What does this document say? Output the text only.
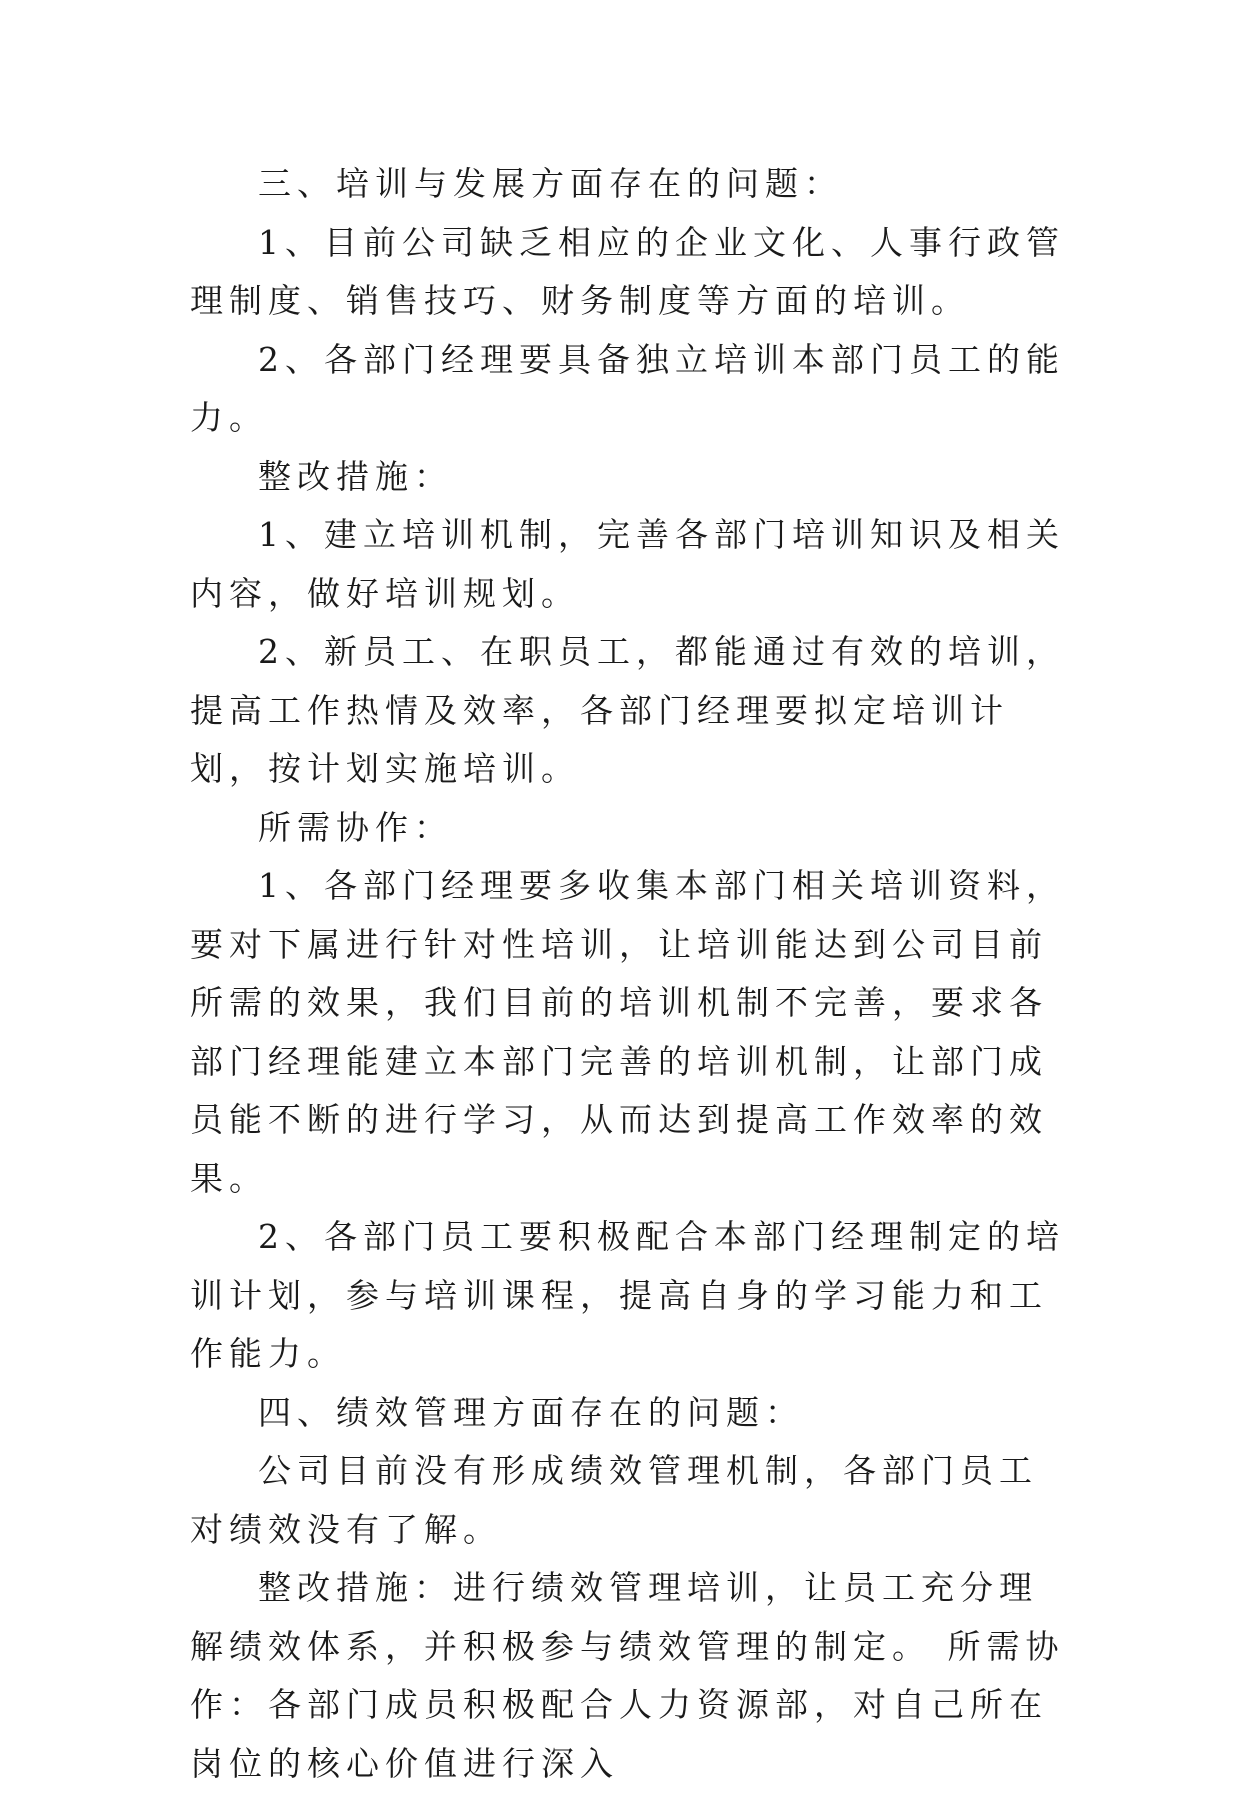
三、培训与发展方面存在的问题：

1、目前公司缺乏相应的企业文化、人事行政管理制度、销售技巧、财务制度等方面的培训。

2、各部门经理要具备独立培训本部门员工的能力。

整改措施：

1、建立培训机制，完善各部门培训知识及相关内容，做好培训规划。

2、新员工、在职员工，都能通过有效的培训，提高工作热情及效率，各部门经理要拟定培训计划，按计划实施培训。

所需协作：

1、各部门经理要多收集本部门相关培训资料，要对下属进行针对性培训，让培训能达到公司目前所需的效果，我们目前的培训机制不完善，要求各部门经理能建立本部门完善的培训机制，让部门成员能不断的进行学习，从而达到提高工作效率的效果。

2、各部门员工要积极配合本部门经理制定的培训计划，参与培训课程，提高自身的学习能力和工作能力。

四、绩效管理方面存在的问题：

公司目前没有形成绩效管理机制，各部门员工对绩效没有了解。

整改措施：进行绩效管理培训，让员工充分理解绩效体系，并积极参与绩效管理的制定。 所需协作：各部门成员积极配合人力资源部，对自己所在岗位的核心价值进行深入
